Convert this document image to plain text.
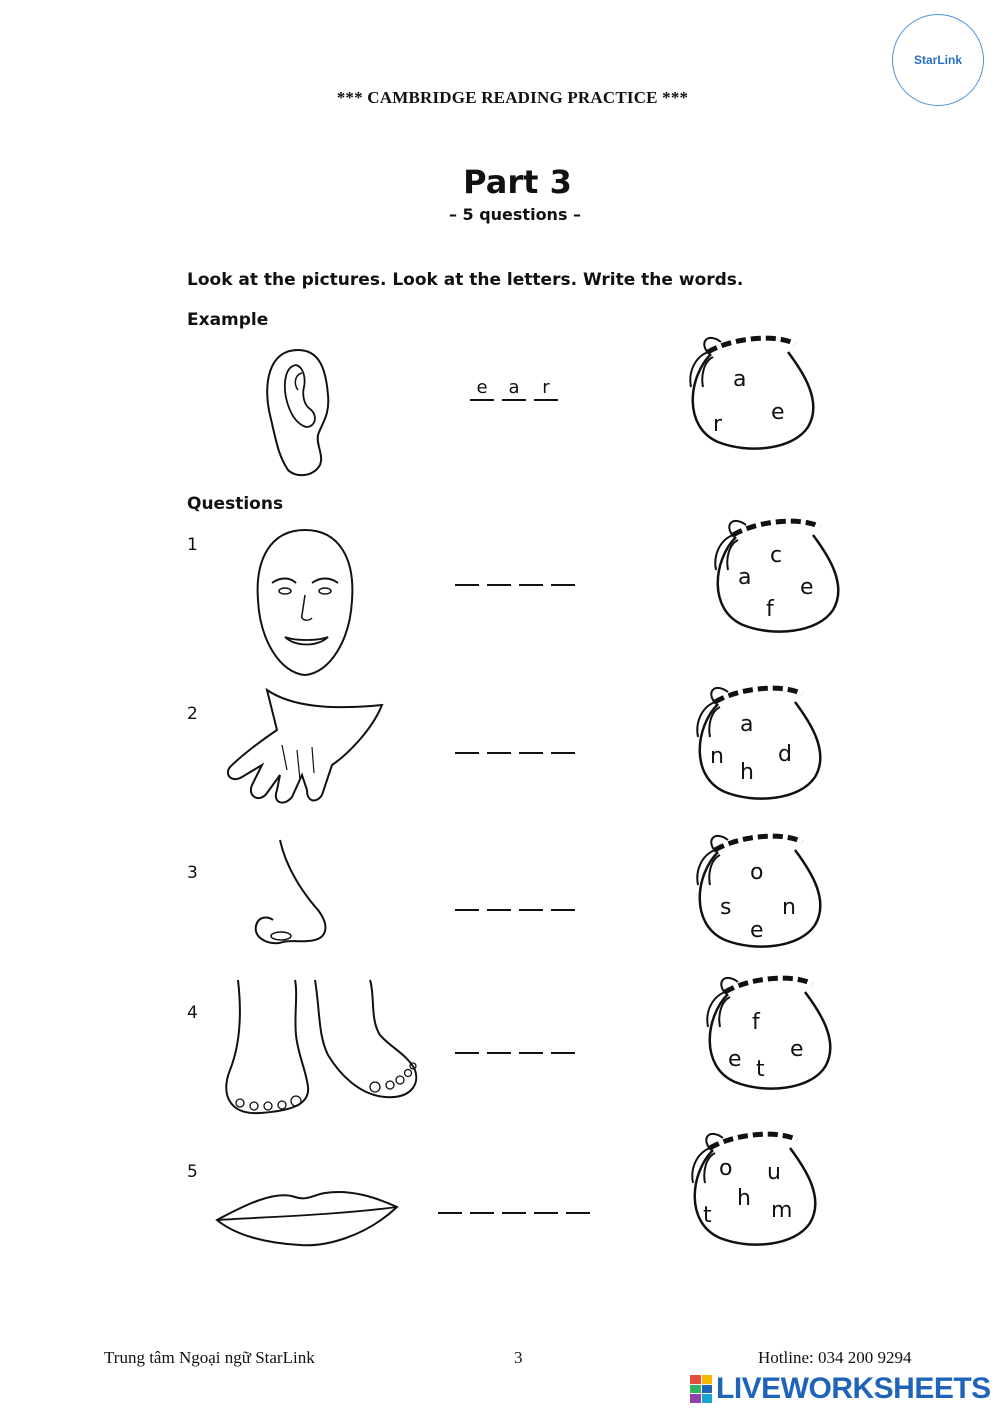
StarLink
*** CAMBRIDGE READING PRACTICE ***
Part 3
– 5 questions –
Look at the pictures. Look at the letters. Write the words.
Example
e	a	r	a
r e
Questions
1	c
a e
f
2	a
n d
h
3	o
s n
e
4	f
e e
t
5	o u
h
t	m
Trung tâm Ngoại ngữ StarLink	3	Hotline: 034 200 9294
LIVEWORKSHEETS
